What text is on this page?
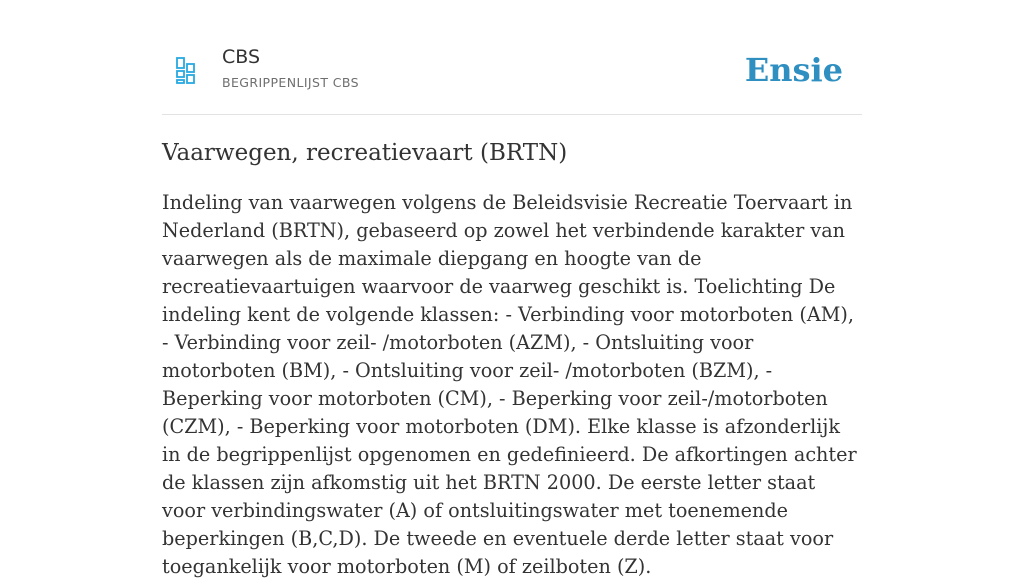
CBS
BEGRIPPENLIJST CBS	Ensie
Vaarwegen, recreatievaart (BRTN)

Indeling van vaarwegen volgens de Beleidsvisie Recreatie Toervaart in Nederland (BRTN), gebaseerd op zowel het verbindende karakter van vaarwegen als de maximale diepgang en hoogte van de recreatievaartuigen waarvoor de vaarweg geschikt is. Toelichting De indeling kent de volgende klassen: - Verbinding voor motorboten (AM), - Verbinding voor zeil- /motorboten (AZM), - Ontsluiting voor motorboten (BM), - Ontsluiting voor zeil- /motorboten (BZM), - Beperking voor motorboten (CM), - Beperking voor zeil-/motorboten (CZM), - Beperking voor motorboten (DM). Elke klasse is afzonderlijk in de begrippenlijst opgenomen en gedefinieerd. De afkortingen achter de klassen zijn afkomstig uit het BRTN 2000. De eerste letter staat voor verbindingswater (A) of ontsluitingswater met toenemende beperkingen (B,C,D). De tweede en eventuele derde letter staat voor toegankelijk voor motorboten (M) of zeilboten (Z).
